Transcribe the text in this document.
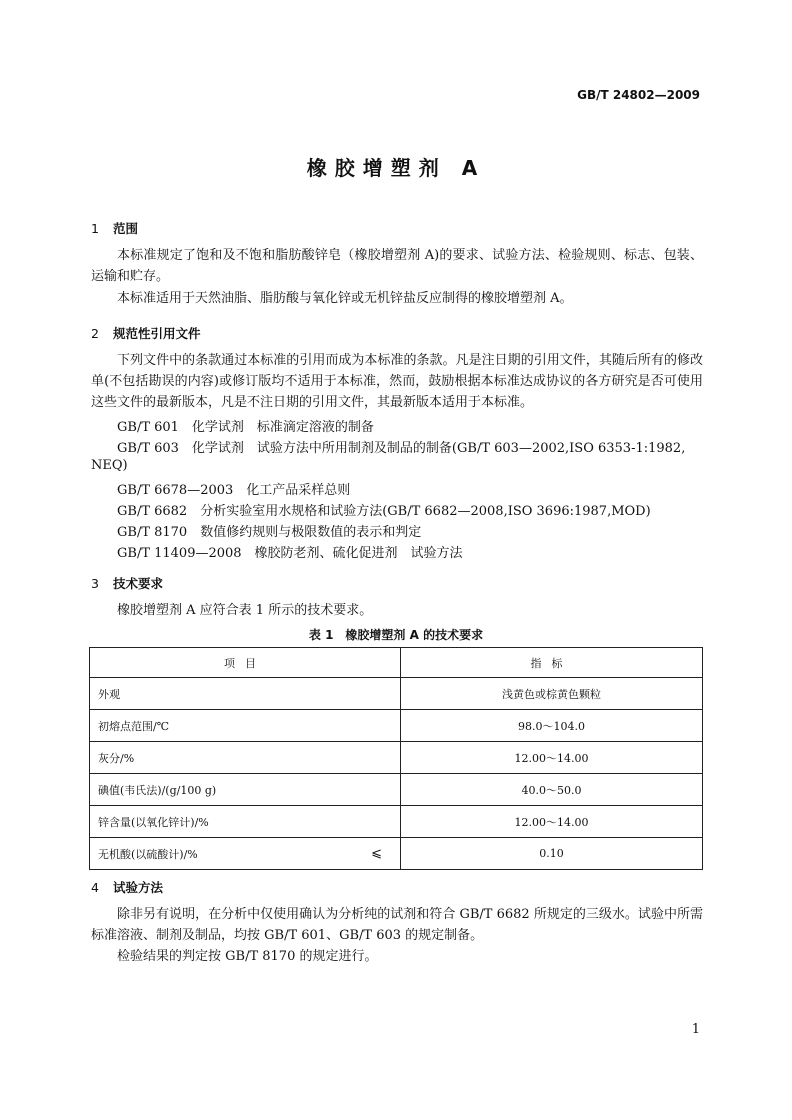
GB/T 24802—2009
橡胶增塑剂 A
1 范围
本标准规定了饱和及不饱和脂肪酸锌皂（橡胶增塑剂 A)的要求、试验方法、检验规则、标志、包装、运输和贮存。
本标准适用于天然油脂、脂肪酸与氧化锌或无机锌盐反应制得的橡胶增塑剂 A。
2 规范性引用文件
下列文件中的条款通过本标准的引用而成为本标准的条款。凡是注日期的引用文件，其随后所有的修改单(不包括勘误的内容)或修订版均不适用于本标准，然而，鼓励根据本标准达成协议的各方研究是否可使用这些文件的最新版本，凡是不注日期的引用文件，其最新版本适用于本标准。
GB/T 601　化学试剂　标准滴定溶液的制备
GB/T 603　化学试剂　试验方法中所用制剂及制品的制备(GB/T 603—2002,ISO 6353-1:1982,
NEQ)
GB/T 6678—2003　化工产品采样总则
GB/T 6682　分析实验室用水规格和试验方法(GB/T 6682—2008,ISO 3696:1987,MOD)
GB/T 8170　数值修约规则与极限数值的表示和判定
GB/T 11409—2008　橡胶防老剂、硫化促进剂　试验方法
3 技术要求
橡胶增塑剂 A 应符合表 1 所示的技术要求。
表 1　橡胶增塑剂 A 的技术要求
项目	指标
外观	浅黄色或棕黄色颗粒
初熔点范围/℃	98.0～104.0
灰分/%	12.00～14.00
碘值(韦氏法)/(g/100 g)	40.0～50.0
锌含量(以氧化锌计)/%	12.00～14.00
无机酸(以硫酸计)/% ⩽	0.10
4 试验方法
除非另有说明，在分析中仅使用确认为分析纯的试剂和符合 GB/T 6682 所规定的三级水。试验中所需标准溶液、制剂及制品，均按 GB/T 601、GB/T 603 的规定制备。
检验结果的判定按 GB/T 8170 的规定进行。
1
